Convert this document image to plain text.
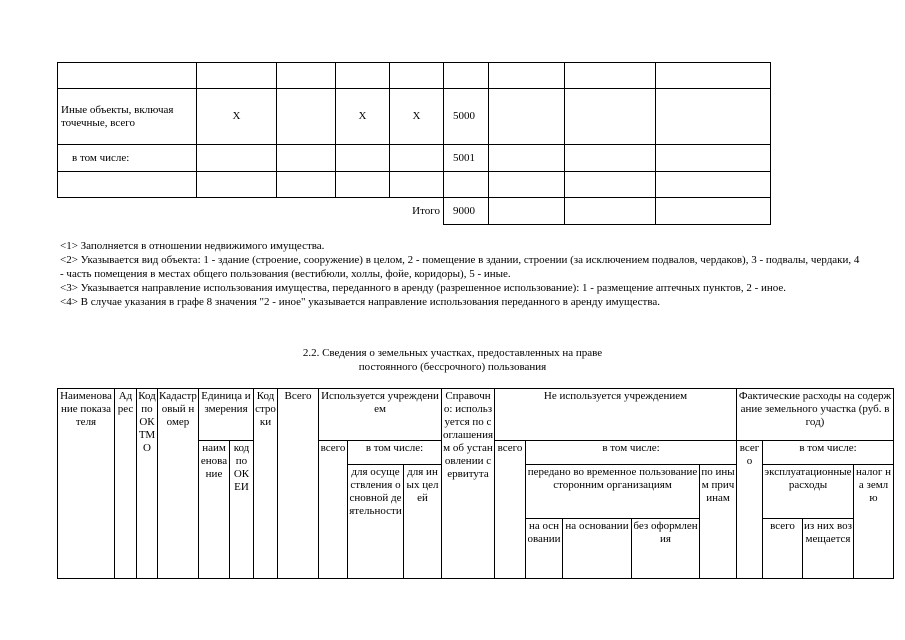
Иные объекты, включая точечные, всего	X		X	X	5000			
в том числе:					5001			

Итого					9000			

<1> Заполняется в отношении недвижимого имущества.

<2> Указывается вид объекта: 1 - здание (строение, сооружение) в целом, 2 - помещение в здании, строении (за исключением подвалов, чердаков), 3 - подвалы, чердаки, 4 - часть помещения в местах общего пользования (вестибюли, холлы, фойе, коридоры), 5 - иные.

<3> Указывается направление использования имущества, переданного в аренду (разрешенное использование): 1 - размещение аптечных пунктов, 2 - иное.

<4> В случае указания в графе 8 значения "2 - иное" указывается направление использования переданного в аренду имущества.

2.2. Сведения о земельных участках, предоставленных на праве

постоянного (бессрочного) пользования

Наименование показателя	Адрес	Код по ОКТМО	Кадастровый номер	Единица измерения		Код строки	Всего	Используется учреждением			Справочно: используется по соглашениям об установлении сервитута	Не используется учреждением					Фактические расходы на содержание земельного участка (руб. в год)			
				наименование	код по ОКЕИ			всего	в том числе:			всего	в том числе:				всего	в том числе:		
									для осуществления основной деятельности	для иных целей			передано во временное пользование сторонним организациям			по иным причинам		эксплуатационные расходы		налог на землю
													на основании	на основании	без оформления			всего	из них возмещается	
